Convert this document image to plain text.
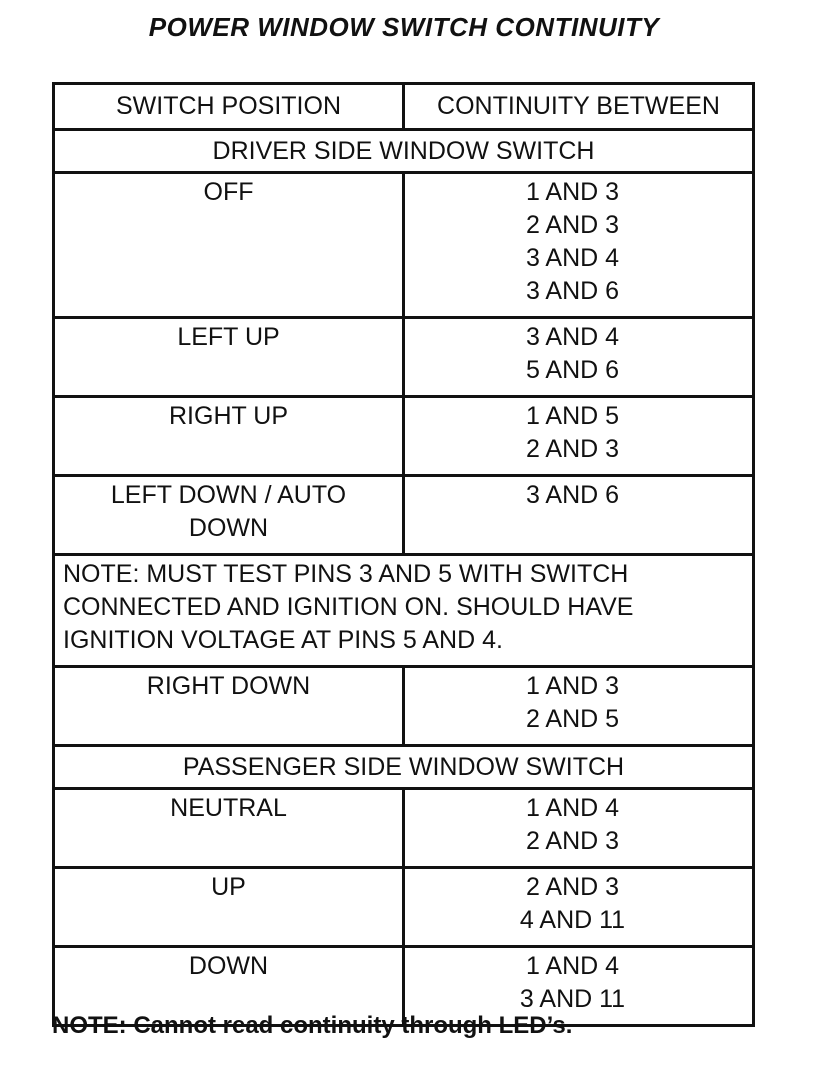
POWER WINDOW SWITCH CONTINUITY
SWITCH POSITION	CONTINUITY BETWEEN
DRIVER SIDE WINDOW SWITCH	
OFF	1 AND 3
2 AND 3
3 AND 4
3 AND 6

LEFT UP	3 AND 4
5 AND 6

RIGHT UP	1 AND 5
2 AND 3

LEFT DOWN / AUTO DOWN	3 AND 6

NOTE: MUST TEST PINS 3 AND 5 WITH SWITCH CONNECTED AND IGNITION ON. SHOULD HAVE IGNITION VOLTAGE AT PINS 5 AND 4.	
RIGHT DOWN	1 AND 3
2 AND 5

PASSENGER SIDE WINDOW SWITCH	
NEUTRAL	1 AND 4
2 AND 3

UP	2 AND 3
4 AND 11

DOWN	1 AND 4
3 AND 11
NOTE: Cannot read continuity through LED’s.
